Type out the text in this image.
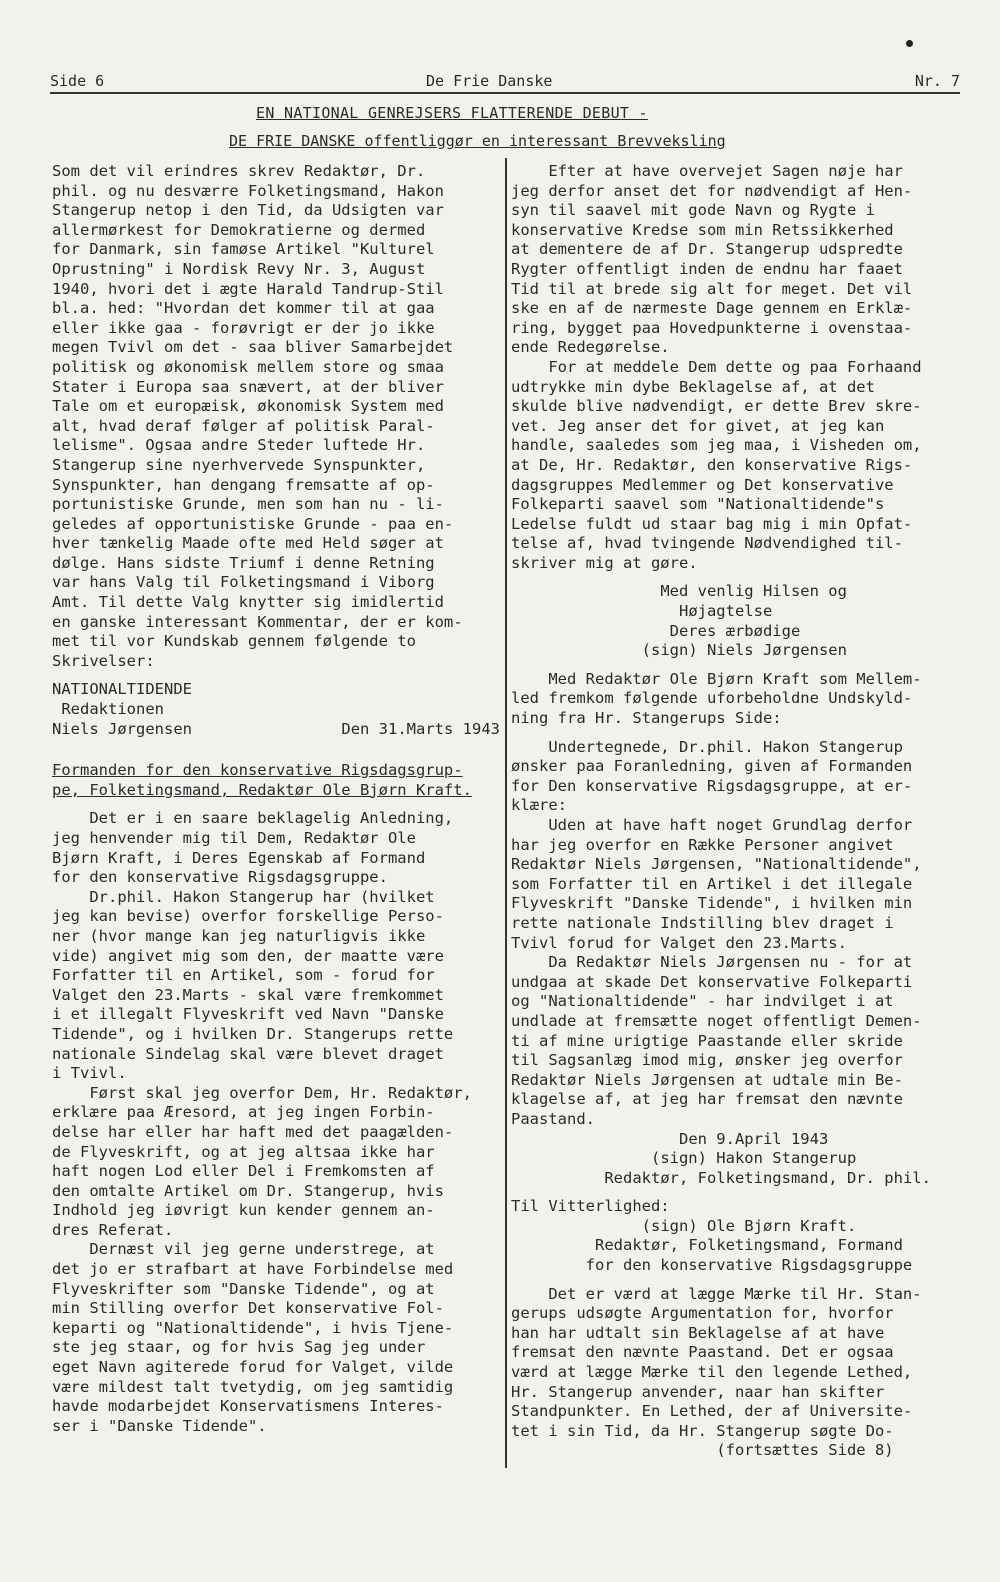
Side 6	De Frie Danske	Nr. 7
EN NATIONAL GENREJSERS FLATTERENDE DEBUT -
DE FRIE DANSKE offentliggør en interessant Brevveksling

Som det vil erindres skrev Redaktør, Dr.
phil. og nu desværre Folketingsmand, Hakon
Stangerup netop i den Tid, da Udsigten var
allermørkest for Demokratierne og dermed
for Danmark, sin famøse Artikel "Kulturel
Oprustning" i Nordisk Revy Nr. 3, August
1940, hvori det i ægte Harald Tandrup-Stil
bl.a. hed: "Hvordan det kommer til at gaa
eller ikke gaa - forøvrigt er der jo ikke
megen Tvivl om det - saa bliver Samarbejdet
politisk og økonomisk mellem store og smaa
Stater i Europa saa snævert, at der bliver
Tale om et europæisk, økonomisk System med
alt, hvad deraf følger af politisk Paral-
lelisme". Ogsaa andre Steder luftede Hr.
Stangerup sine nyerhvervede Synspunkter,
Synspunkter, han dengang fremsatte af op-
portunistiske Grunde, men som han nu - li-
geledes af opportunistiske Grunde - paa en-
hver tænkelig Maade ofte med Held søger at
dølge. Hans sidste Triumf i denne Retning
var hans Valg til Folketingsmand i Viborg
Amt. Til dette Valg knytter sig imidlertid
en ganske interessant Kommentar, der er kom-
met til vor Kundskab gennem følgende to
Skrivelser:

NATIONALTIDENDE

Redaktionen

Niels Jørgensen	Den 31.Marts 1943

Formanden for den konservative Rigsdagsgrup-
pe, Folketingsmand, Redaktør Ole Bjørn Kraft.

Det er i en saare beklagelig Anledning,
jeg henvender mig til Dem, Redaktør Ole
Bjørn Kraft, i Deres Egenskab af Formand
for den konservative Rigsdagsgruppe.
Dr.phil. Hakon Stangerup har (hvilket
jeg kan bevise) overfor forskellige Perso-
ner (hvor mange kan jeg naturligvis ikke
vide) angivet mig som den, der maatte være
Forfatter til en Artikel, som - forud for
Valget den 23.Marts - skal være fremkommet
i et illegalt Flyveskrift ved Navn "Danske
Tidende", og i hvilken Dr. Stangerups rette
nationale Sindelag skal være blevet draget
i Tvivl.
Først skal jeg overfor Dem, Hr. Redaktør,
erklære paa Æresord, at jeg ingen Forbin-
delse har eller har haft med det paagælden-
de Flyveskrift, og at jeg altsaa ikke har
haft nogen Lod eller Del i Fremkomsten af
den omtalte Artikel om Dr. Stangerup, hvis
Indhold jeg iøvrigt kun kender gennem an-
dres Referat.
Dernæst vil jeg gerne understrege, at
det jo er strafbart at have Forbindelse med
Flyveskrifter som "Danske Tidende", og at
min Stilling overfor Det konservative Fol-
keparti og "Nationaltidende", i hvis Tjene-
ste jeg staar, og for hvis Sag jeg under
eget Navn agiterede forud for Valget, vilde
være mildest talt tvetydig, om jeg samtidig
havde modarbejdet Konservatismens Interes-
ser i "Danske Tidende".

Efter at have overvejet Sagen nøje har
jeg derfor anset det for nødvendigt af Hen-
syn til saavel mit gode Navn og Rygte i
konservative Kredse som min Retssikkerhed
at dementere de af Dr. Stangerup udspredte
Rygter offentligt inden de endnu har faaet
Tid til at brede sig alt for meget. Det vil
ske en af de nærmeste Dage gennem en Erklæ-
ring, bygget paa Hovedpunkterne i ovenstaa-
ende Redegørelse.
For at meddele Dem dette og paa Forhaand
udtrykke min dybe Beklagelse af, at det
skulde blive nødvendigt, er dette Brev skre-
vet. Jeg anser det for givet, at jeg kan
handle, saaledes som jeg maa, i Visheden om,
at De, Hr. Redaktør, den konservative Rigs-
dagsgruppes Medlemmer og Det konservative
Folkeparti saavel som "Nationaltidende"s
Ledelse fuldt ud staar bag mig i min Opfat-
telse af, hvad tvingende Nødvendighed til-
skriver mig at gøre.

Med venlig Hilsen og
Højagtelse
Deres ærbødige
(sign) Niels Jørgensen

Med Redaktør Ole Bjørn Kraft som Mellem-
led fremkom følgende uforbeholdne Undskyld-
ning fra Hr. Stangerups Side:

Undertegnede, Dr.phil. Hakon Stangerup
ønsker paa Foranledning, given af Formanden
for Den konservative Rigsdagsgruppe, at er-
klære:
Uden at have haft noget Grundlag derfor
har jeg overfor en Række Personer angivet
Redaktør Niels Jørgensen, "Nationaltidende",
som Forfatter til en Artikel i det illegale
Flyveskrift "Danske Tidende", i hvilken min
rette nationale Indstilling blev draget i
Tvivl forud for Valget den 23.Marts.
Da Redaktør Niels Jørgensen nu - for at
undgaa at skade Det konservative Folkeparti
og "Nationaltidende" - har indvilget i at
undlade at fremsætte noget offentligt Demen-
ti af mine urigtige Paastande eller skride
til Sagsanlæg imod mig, ønsker jeg overfor
Redaktør Niels Jørgensen at udtale min Be-
klagelse af, at jeg har fremsat den nævnte
Paastand.

Den 9.April 1943
(sign) Hakon Stangerup
Redaktør, Folketingsmand, Dr. phil.

Til Vitterlighed:
(sign) Ole Bjørn Kraft.
Redaktør, Folketingsmand, Formand
for den konservative Rigsdagsgruppe

Det er værd at lægge Mærke til Hr. Stan-
gerups udsøgte Argumentation for, hvorfor
han har udtalt sin Beklagelse af at have
fremsat den nævnte Paastand. Det er ogsaa
værd at lægge Mærke til den legende Lethed,
Hr. Stangerup anvender, naar han skifter
Standpunkter. En Lethed, der af Universite-
tet i sin Tid, da Hr. Stangerup søgte Do-

(fortsættes Side 8)
